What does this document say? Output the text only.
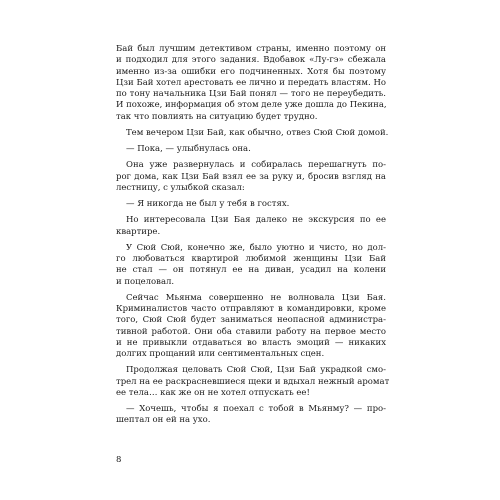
Бай был лучшим детективом страны, именно поэтому он
и подходил для этого задания. Вдобавок «Лу-гэ» сбежала
именно из-за ошибки его подчиненных. Хотя бы поэтому
Цзи Бай хотел арестовать ее лично и передать властям. Но
по тону начальника Цзи Бай понял — того не переубедить.
И похоже, информация об этом деле уже дошла до Пекина,
так что повлиять на ситуацию будет трудно.
Тем вечером Цзи Бай, как обычно, отвез Сюй Сюй домой.
— Пока, — улыбнулась она.
Она уже развернулась и собиралась перешагнуть по-
рог дома, как Цзи Бай взял ее за руку и, бросив взгляд на
лестницу, с улыбкой сказал:
— Я никогда не был у тебя в гостях.
Но интересовала Цзи Бая далеко не экскурсия по ее
квартире.
У Сюй Сюй, конечно же, было уютно и чисто, но дол-
го любоваться квартирой любимой женщины Цзи Бай
не стал — он потянул ее на диван, усадил на колени
и поцеловал.
Сейчас Мьянма совершенно не волновала Цзи Бая.
Криминалистов часто отправляют в командировки, кроме
того, Сюй Сюй будет заниматься неопасной администра-
тивной работой. Они оба ставили работу на первое место
и не привыкли отдаваться во власть эмоций — никаких
долгих прощаний или сентиментальных сцен.
Продолжая целовать Сюй Сюй, Цзи Бай украдкой смо-
трел на ее раскрасневшиеся щеки и вдыхал нежный аромат
ее тела… как же он не хотел отпускать ее!
— Хочешь, чтобы я поехал с тобой в Мьянму? — про-
шептал он ей на ухо.
8
